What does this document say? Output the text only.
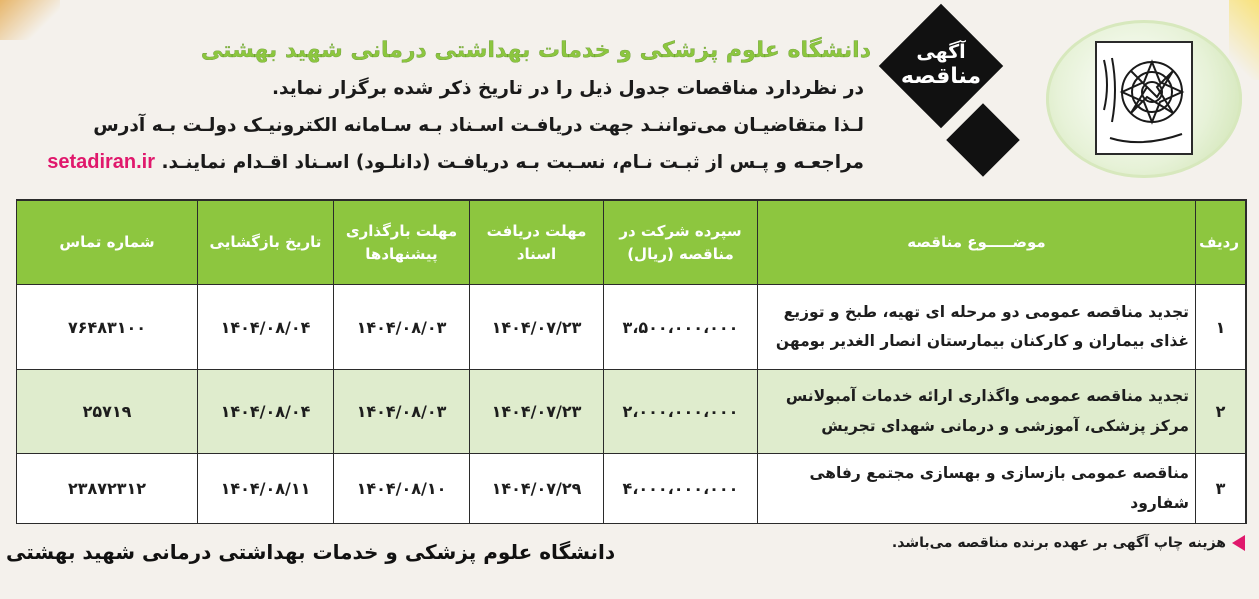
آگهی
مناقصه
دانشگاه علوم پزشکی و خدمات بهداشتی درمانی شهید بهشتی
در نظردارد مناقصات جدول ذیل را در تاریخ ذکر شده برگزار نماید.
لـذا متقاضیـان می‌تواننـد جهت دریافـت اسـناد بـه سـامانه الکترونیـک دولـت بـه آدرس
مراجعـه و پـس از ثبـت نـام، نسـبت بـه دریافـت (دانلـود) اسـناد اقـدام نماینـد. setadiran.ir
ردیف	موضـــــوع مناقصه	سپرده شرکت در مناقصه (ریال)	مهلت دریافت اسناد	مهلت بارگذاری پیشنهادها	تاریخ بازگشایی	شماره تماس
۱	تجدید مناقصه عمومی دو مرحله ای تهیه، طبخ و توزیع غذای بیماران و کارکنان بیمارستان انصار الغدیر بومهن	۳،۵۰۰،۰۰۰،۰۰۰	۱۴۰۴/۰۷/۲۳	۱۴۰۴/۰۸/۰۳	۱۴۰۴/۰۸/۰۴	۷۶۴۸۳۱۰۰
۲	تجدید مناقصه عمومی واگذاری ارائه خدمات آمبولانس مرکز پزشکی، آموزشی و درمانی شهدای تجریش	۲،۰۰۰،۰۰۰،۰۰۰	۱۴۰۴/۰۷/۲۳	۱۴۰۴/۰۸/۰۳	۱۴۰۴/۰۸/۰۴	۲۵۷۱۹
۳	مناقصه عمومی بازسازی و بهسازی مجتمع رفاهی شفارود	۴،۰۰۰،۰۰۰،۰۰۰	۱۴۰۴/۰۷/۲۹	۱۴۰۴/۰۸/۱۰	۱۴۰۴/۰۸/۱۱	۲۳۸۷۲۳۱۲
هزینه چاپ آگهی بر عهده برنده مناقصه می‌باشد.
دانشگاه علوم پزشکی و خدمات بهداشتی درمانی شهید بهشتی
